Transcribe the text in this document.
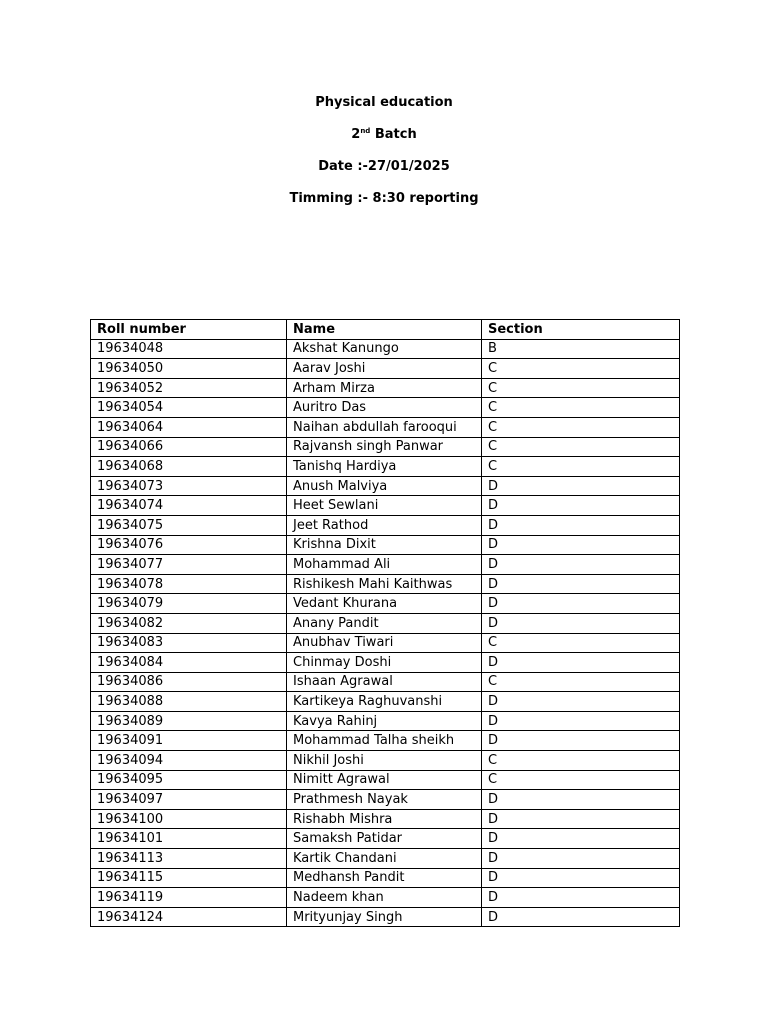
Physical education
2nd Batch
Date :-27/01/2025
Timming :- 8:30 reporting
Roll number	Name	Section
19634048	Akshat Kanungo	B
19634050	Aarav Joshi	C
19634052	Arham Mirza	C
19634054	Auritro Das	C
19634064	Naihan abdullah farooqui	C
19634066	Rajvansh singh Panwar	C
19634068	Tanishq Hardiya	C
19634073	Anush Malviya	D
19634074	Heet Sewlani	D
19634075	Jeet Rathod	D
19634076	Krishna Dixit	D
19634077	Mohammad Ali	D
19634078	Rishikesh Mahi Kaithwas	D
19634079	Vedant Khurana	D
19634082	Anany Pandit	D
19634083	Anubhav Tiwari	C
19634084	Chinmay Doshi	D
19634086	Ishaan Agrawal	C
19634088	Kartikeya Raghuvanshi	D
19634089	Kavya Rahinj	D
19634091	Mohammad Talha sheikh	D
19634094	Nikhil Joshi	C
19634095	Nimitt Agrawal	C
19634097	Prathmesh Nayak	D
19634100	Rishabh Mishra	D
19634101	Samaksh Patidar	D
19634113	Kartik Chandani	D
19634115	Medhansh Pandit	D
19634119	Nadeem khan	D
19634124	Mrityunjay Singh	D
